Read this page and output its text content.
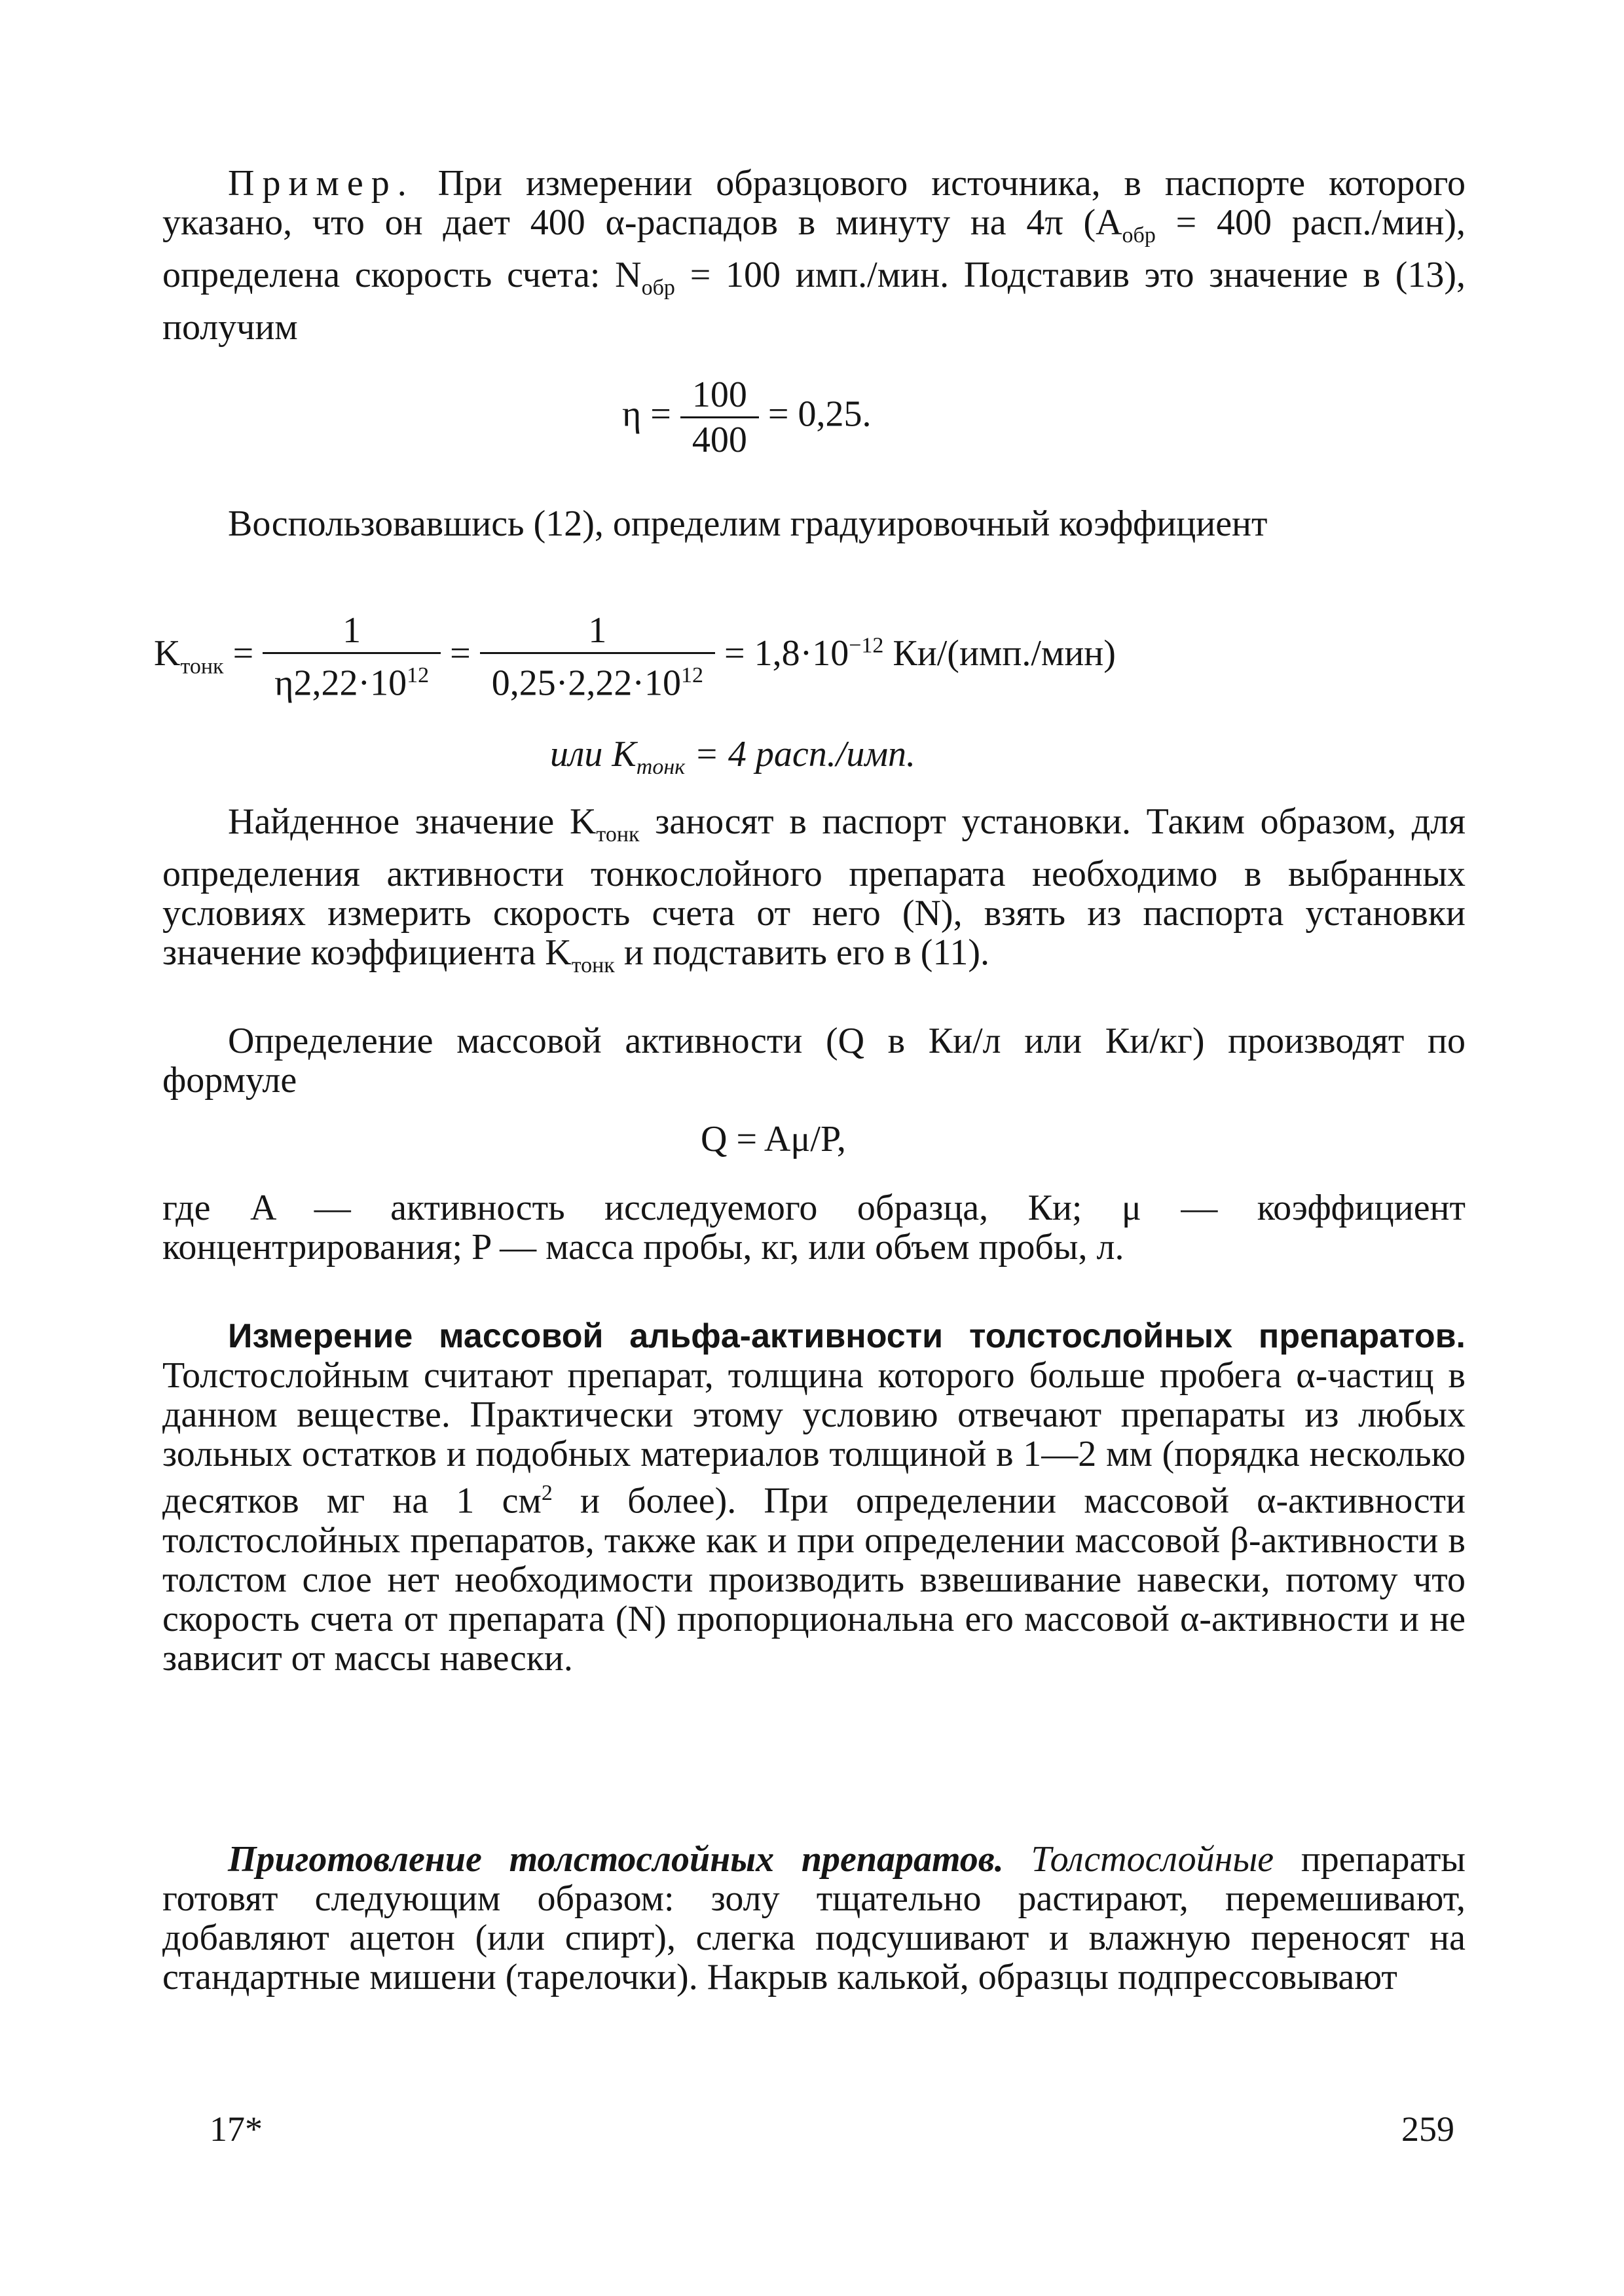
Пример. При измерении образцового источника, в паспорте которого указано, что он дает 400 α-распадов в минуту на 4π ($A_{обр} = 400$ расп./мин), определена скорость счета: $N_{обр} = 100$ имп./мин. Подставив это значение в (13), получим
$\eta = \frac{100}{400} = 0,25$.
Воспользовавшись (12), определим градуировочный коэффициент
$K_{тонк} = \frac{1}{\eta 2,22\cdot 10^{12}} = \frac{1}{0,25\cdot 2,22\cdot 10^{12}} = 1,8\cdot 10^{-12}$ Ки/(имп./мин)
или $K_{тонк} = 4$ расп./имп.
Найденное значение $K_{тонк}$ заносят в паспорт установки. Таким образом, для определения активности тонкослойного препарата необходимо в выбранных условиях измерить скорость счета от него (N), взять из паспорта установки значение коэффициента $K_{тонк}$ и подставить его в (11).
Определение массовой активности (Q в Ки/л или Ки/кг) производят по формуле
Q = Aμ/P,
где A — активность исследуемого образца, Ки; μ — коэффициент концентрирования; P — масса пробы, кг, или объем пробы, л.
Измерение массовой альфа-активности толстослойных препаратов. Толстослойным считают препарат, толщина которого больше пробега α-частиц в данном веществе. Практически этому условию отвечают препараты из любых зольных остатков и подобных материалов толщиной в 1—2 мм (порядка несколько десятков мг на 1 $см^2$ и более). При определении массовой α-активности толстослойных препаратов, также как и при определении массовой β-активности в толстом слое нет необходимости производить взвешивание навески, потому что скорость счета от препарата (N) пропорциональна его массовой α-активности и не зависит от массы навески.
Приготовление толстослойных препаратов. Толстослойные препараты готовят следующим образом: золу тщательно растирают, перемешивают, добавляют ацетон (или спирт), слегка подсушивают и влажную переносят на стандартные мишени (тарелочки). Накрыв калькой, образцы подпрессовывают
17*	259
